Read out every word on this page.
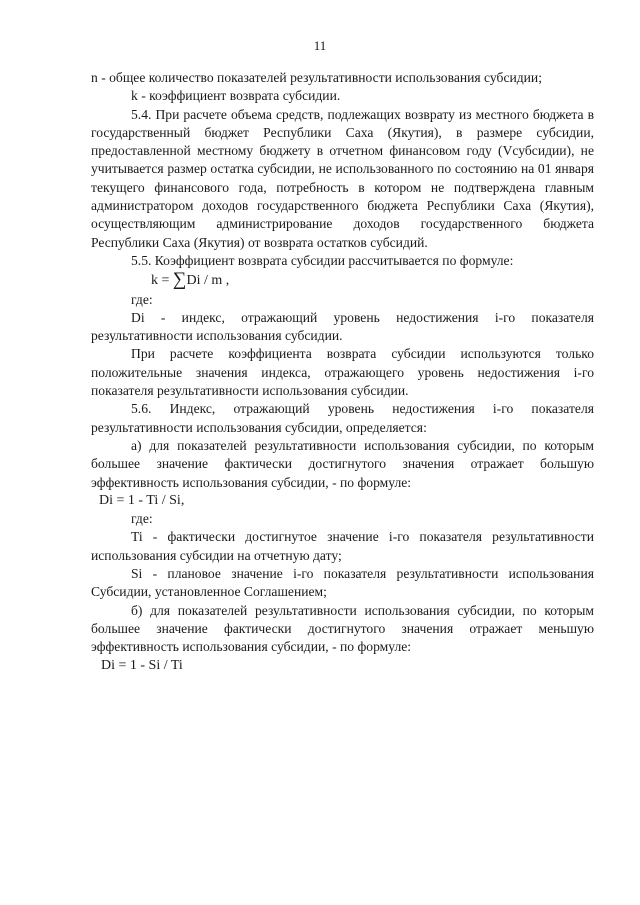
11

n - общее количество показателей результативности использования субсидии;

k - коэффициент возврата субсидии.

5.4. При расчете объема средств, подлежащих возврату из местного бюджета в государственный бюджет Республики Саха (Якутия), в размере субсидии, предоставленной местному бюджету в отчетном финансовом году (Vсубсидии), не учитывается размер остатка субсидии, не использованного по состоянию на 01 января текущего финансового года, потребность в котором не подтверждена главным администратором доходов государственного бюджета Республики Саха (Якутия), осуществляющим администрирование доходов государственного бюджета Республики Саха (Якутия) от возврата остатков субсидий.

5.5. Коэффициент возврата субсидии рассчитывается по формуле:

k = ∑Di / m ,

где:

Di - индекс, отражающий уровень недостижения i-го показателя результативности использования субсидии.

При расчете коэффициента возврата субсидии используются только положительные значения индекса, отражающего уровень недостижения i-го показателя результативности использования субсидии.

5.6. Индекс, отражающий уровень недостижения i-го показателя результативности использования субсидии, определяется:

а) для показателей результативности использования субсидии, по которым большее значение фактически достигнутого значения отражает большую эффективность использования субсидии, - по формуле:

Di = 1 - Ti / Si,

где:

Ti - фактически достигнутое значение i-го показателя результативности использования субсидии на отчетную дату;

Si - плановое значение i-го показателя результативности использования Субсидии, установленное Соглашением;

б) для показателей результативности использования субсидии, по которым большее значение фактически достигнутого значения отражает меньшую эффективность использования субсидии, - по формуле:

Di = 1 - Si / Ti
